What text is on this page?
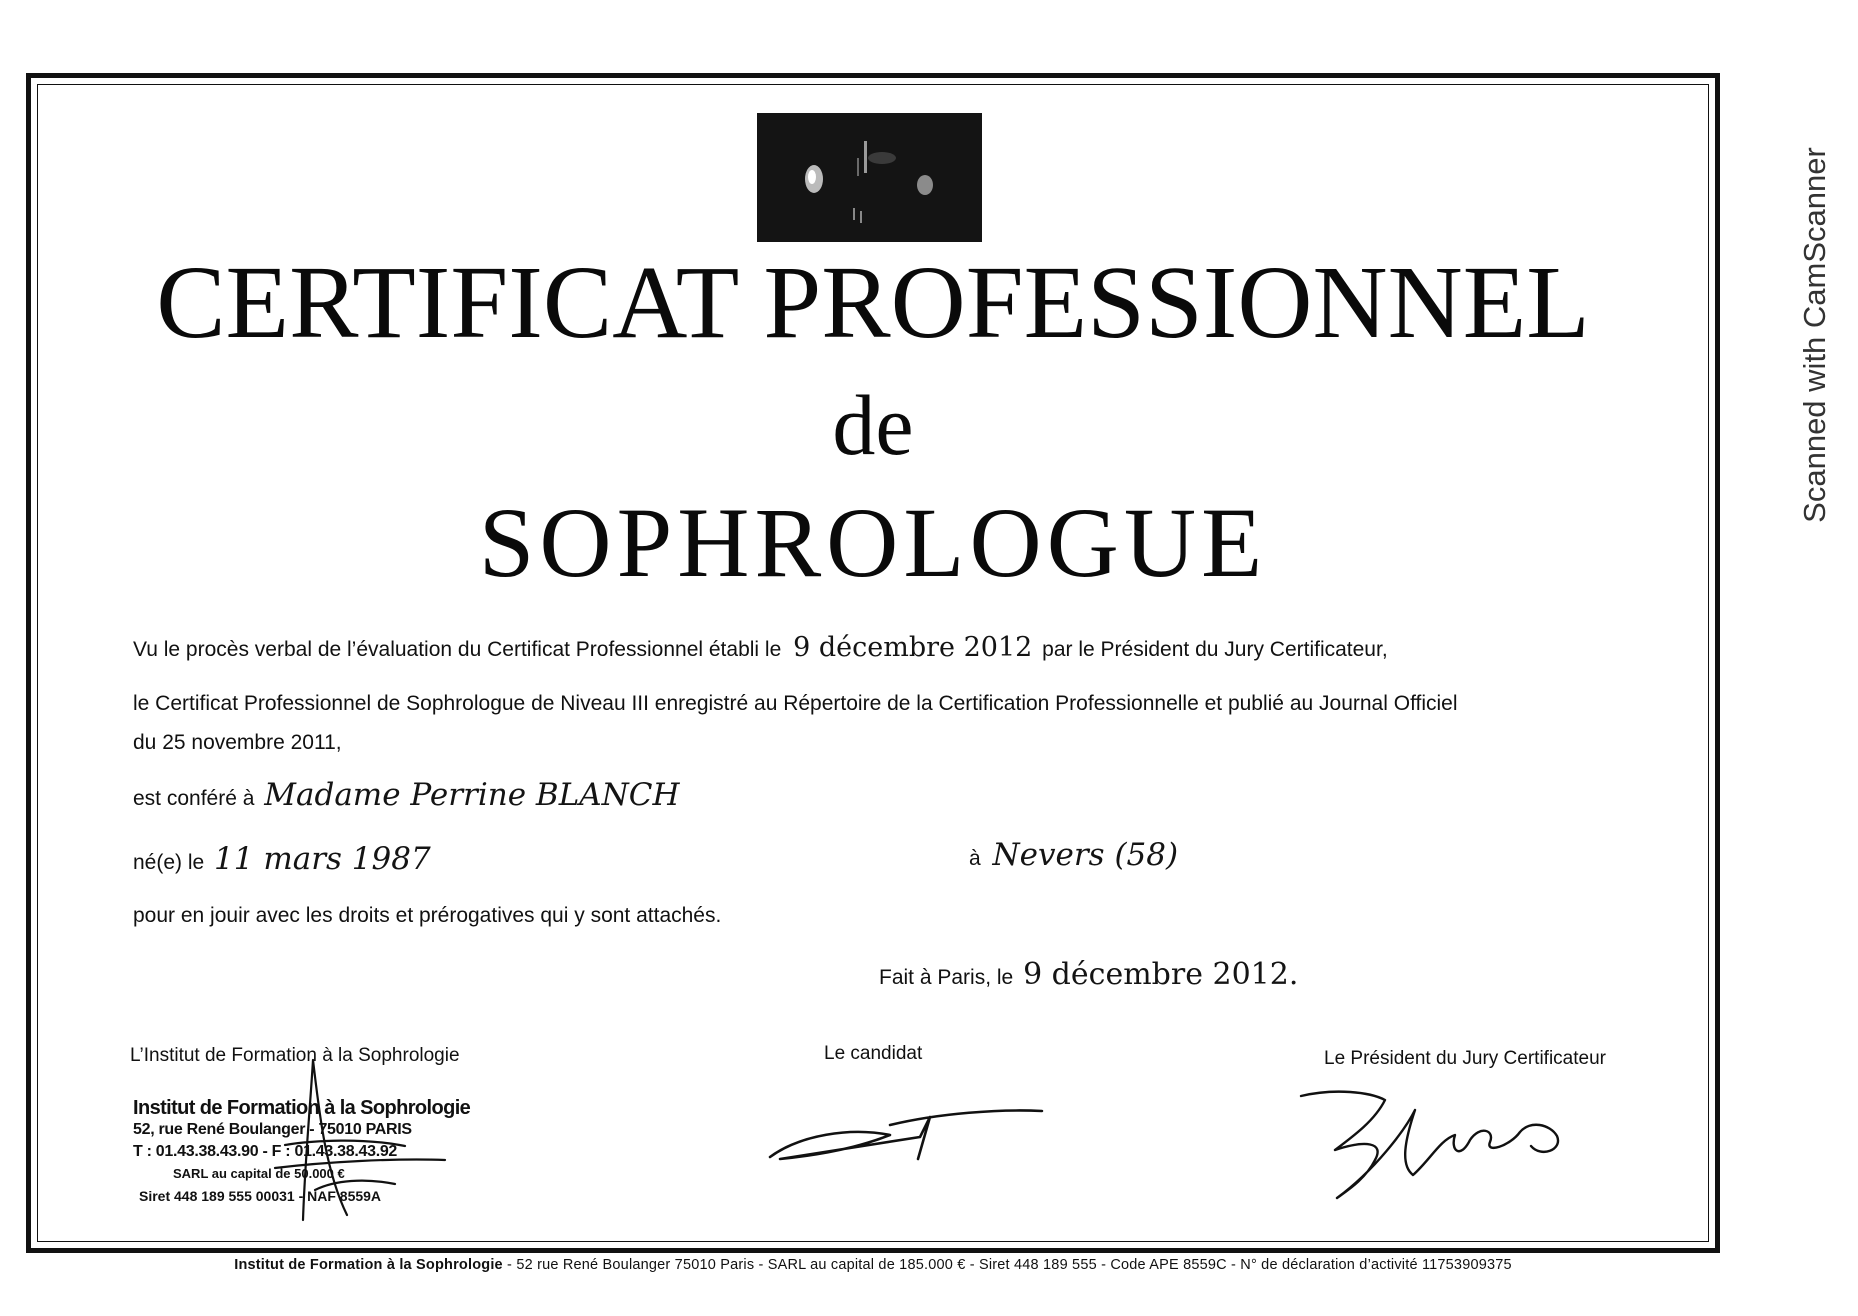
CERTIFICAT PROFESSIONNEL
de
SOPHROLOGUE
Vu le procès verbal de l’évaluation du Certificat Professionnel établi le 9 décembre 2012 par le Président du Jury Certificateur,
le Certificat Professionnel de Sophrologue de Niveau III enregistré au Répertoire de la Certification Professionnelle et publié au Journal Officiel
du 25 novembre 2011,
est conféré à Madame Perrine BLANCH
né(e) le 11 mars 1987	à Nevers (58)
pour en jouir avec les droits et prérogatives qui y sont attachés.
Fait à Paris, le 9 décembre 2012.
L’Institut de Formation à la Sophrologie	Le candidat	Le Président du Jury Certificateur
Institut de Formation à la Sophrologie
52, rue René Boulanger - 75010 PARIS
T : 01.43.38.43.90 - F : 01.43.38.43.92
SARL au capital de 50.000 €
Siret 448 189 555 00031 - NAF 8559A
Institut de Formation à la Sophrologie - 52 rue René Boulanger 75010 Paris - SARL au capital de 185.000 € - Siret 448 189 555 - Code APE 8559C - N° de déclaration d’activité 11753909375
Scanned with CamScanner
